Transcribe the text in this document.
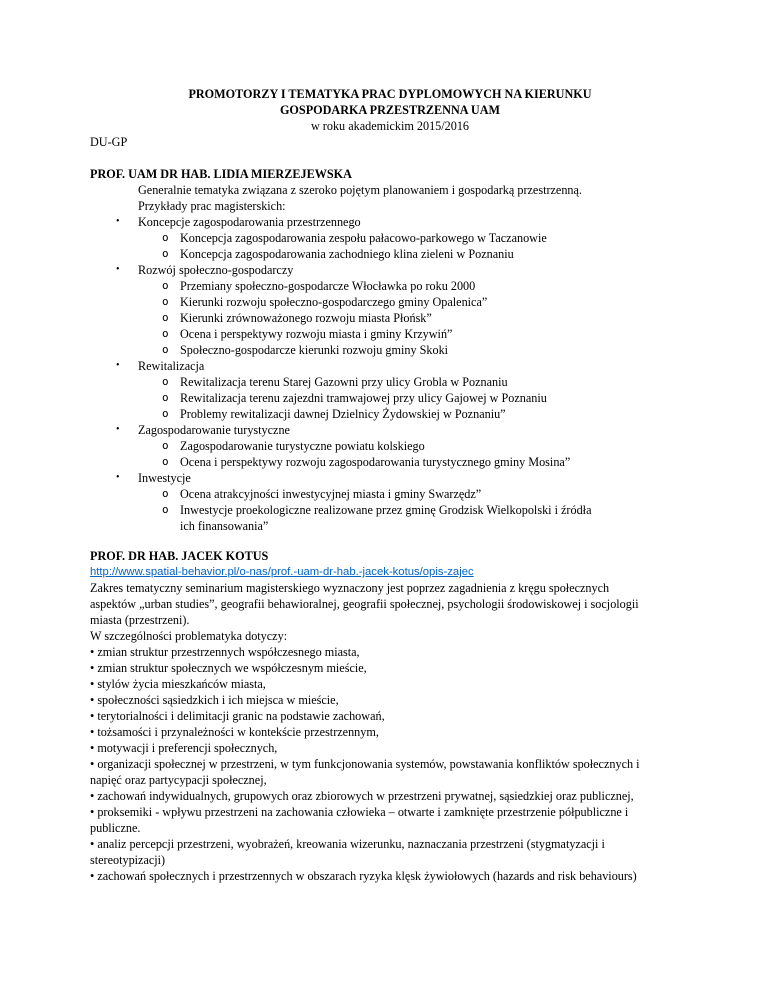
PROMOTORZY I TEMATYKA PRAC DYPLOMOWYCH NA KIERUNKU
GOSPODARKA PRZESTRZENNA UAM
w roku akademickim 2015/2016
DU-GP
PROF. UAM DR HAB. LIDIA MIERZEJEWSKA
Generalnie tematyka związana z szeroko pojętym planowaniem i gospodarką przestrzenną.
Przykłady prac magisterskich:
• Koncepcje zagospodarowania przestrzennego
o Koncepcja zagospodarowania zespołu pałacowo-parkowego w Taczanowie
o Koncepcja zagospodarowania zachodniego klina zieleni w Poznaniu
• Rozwój społeczno-gospodarczy
o Przemiany społeczno-gospodarcze Włocławka po roku 2000
o Kierunki rozwoju społeczno-gospodarczego gminy Opalenica”
o Kierunki zrównoważonego rozwoju miasta Płońsk”
o Ocena i perspektywy rozwoju miasta i gminy Krzywiń”
o Społeczno-gospodarcze kierunki rozwoju gminy Skoki
• Rewitalizacja
o Rewitalizacja terenu Starej Gazowni przy ulicy Grobla w Poznaniu
o Rewitalizacja terenu zajezdni tramwajowej przy ulicy Gajowej w Poznaniu
o Problemy rewitalizacji dawnej Dzielnicy Żydowskiej w Poznaniu”
• Zagospodarowanie turystyczne
o Zagospodarowanie turystyczne powiatu kolskiego
o Ocena i perspektywy rozwoju zagospodarowania turystycznego gminy Mosina”
• Inwestycje
o Ocena atrakcyjności inwestycyjnej miasta i gminy Swarzędz”
o Inwestycje proekologiczne realizowane przez gminę Grodzisk Wielkopolski i źródła ich finansowania”
PROF. DR HAB. JACEK KOTUS
http://www.spatial-behavior.pl/o-nas/prof.-uam-dr-hab.-jacek-kotus/opis-zajec
Zakres tematyczny seminarium magisterskiego wyznaczony jest poprzez zagadnienia z kręgu społecznych
aspektów „urban studies”, geografii behawioralnej, geografii społecznej, psychologii środowiskowej i socjologii
miasta (przestrzeni).
W szczególności problematyka dotyczy:
• zmian struktur przestrzennych współczesnego miasta,
• zmian struktur społecznych we współczesnym mieście,
• stylów życia mieszkańców miasta,
• społeczności sąsiedzkich i ich miejsca w mieście,
• terytorialności i delimitacji granic na podstawie zachowań,
• tożsamości i przynależności w kontekście przestrzennym,
• motywacji i preferencji społecznych,
• organizacji społecznej w przestrzeni, w tym funkcjonowania systemów, powstawania konfliktów społecznych i
napięć oraz partycypacji społecznej,
• zachowań indywidualnych, grupowych oraz zbiorowych w przestrzeni prywatnej, sąsiedzkiej oraz publicznej,
• proksemiki - wpływu przestrzeni na zachowania człowieka – otwarte i zamknięte przestrzenie półpubliczne i
publiczne.
• analiz percepcji przestrzeni, wyobrażeń, kreowania wizerunku, naznaczania przestrzeni (stygmatyzacji i
stereotypizacji)
• zachowań społecznych i przestrzennych w obszarach ryzyka klęsk żywiołowych (hazards and risk behaviours)
